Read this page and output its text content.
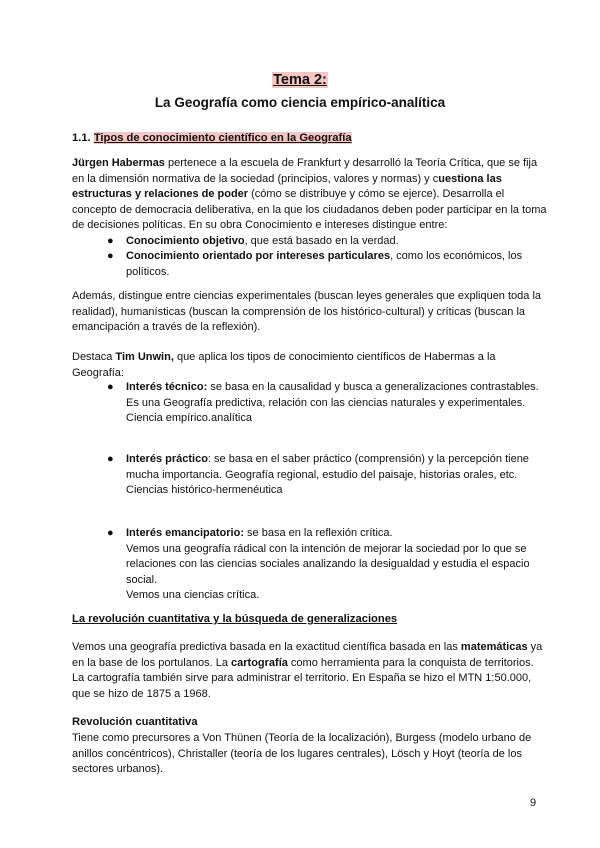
Tema 2:
La Geografía como ciencia empírico-analítica
1.1. Tipos de conocimiento científico en la Geografía

Jürgen Habermas pertenece a la escuela de Frankfurt y desarrolló la Teoría Crítica, que se fija en la dimensión normativa de la sociedad (principios, valores y normas) y cuestiona las estructuras y relaciones de poder (cómo se distribuye y cómo se ejerce). Desarrolla el concepto de democracia deliberativa, en la que los ciudadanos deben poder participar en la toma de decisiones políticas. En su obra Conocimiento e intereses distingue entre:

● Conocimiento objetivo, que está basado en la verdad.
● Conocimiento orientado por intereses particulares, como los económicos, los políticos.

Además, distingue entre ciencias experimentales (buscan leyes generales que expliquen toda la realidad), humanísticas (buscan la comprensión de los histórico-cultural) y críticas (buscan la emancipación a través de la reflexión).

Destaca Tim Unwin, que aplica los tipos de conocimiento científicos de Habermas a la Geografía:

● Interés técnico: se basa en la causalidad y busca a generalizaciones contrastables.

Es una Geografía predictiva, relación con las ciencias naturales y experimentales.

Ciencia empírico.analítica

● Interés práctico: se basa en el saber práctico (comprensión) y la percepción tiene mucha importancia. Geografía regional, estudio del paisaje, historias orales, etc.

Ciencias histórico-hermenéutica

● Interés emancipatorio: se basa en la reflexión crítica.

Vemos una geografía rádical con la intención de mejorar la sociedad por lo que se relaciones con las ciencias sociales analizando la desigualdad y estudia el espacio social.

Vemos una ciencias crítica.

La revolución cuantitativa y la búsqueda de generalizaciones

Vemos una geografía predictiva basada en la exactitud científica basada en las matemáticas ya en la base de los portulanos. La cartografía como herramienta para la conquista de territorios. La cartografía también sirve para administrar el territorio. En España se hizo el MTN 1:50.000, que se hizo de 1875 a 1968.

Revolución cuantitativa

Tiene como precursores a Von Thünen (Teoría de la localización), Burgess (modelo urbano de anillos concéntricos), Christaller (teoría de los lugares centrales), Lösch y Hoyt (teoría de los sectores urbanos).

9
